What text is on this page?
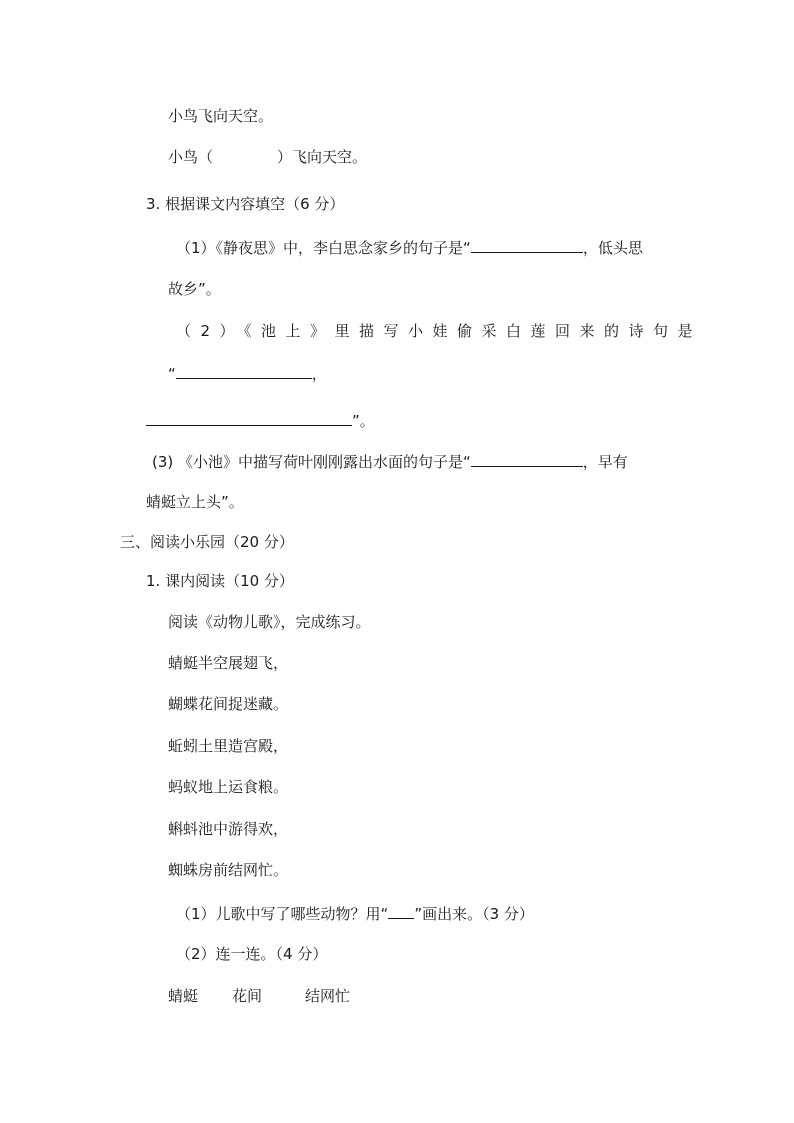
小鸟飞向天空。
小鸟（	）飞向天空。
3. 根据课文内容填空（6 分）
（1）《静夜思》中，李白思念家乡的句子是“	，低头思
故乡”。
（2）《池上》里描写小娃偷采白莲回来的诗句是
“	，
”。
(3) 《小池》中描写荷叶刚刚露出水面的句子是“	，早有
蜻蜓立上头”。
三、阅读小乐园（20 分）
1. 课内阅读（10 分）
阅读《动物儿歌》，完成练习。
蜻蜓半空展翅飞，
蝴蝶花间捉迷藏。
蚯蚓土里造宫殿，
蚂蚁地上运食粮。
蝌蚪池中游得欢，
蜘蛛房前结网忙。
（1）儿歌中写了哪些动物？用“ ”画出来。（3 分）
（2）连一连。（4 分）
蜻蜓 花间	结网忙
